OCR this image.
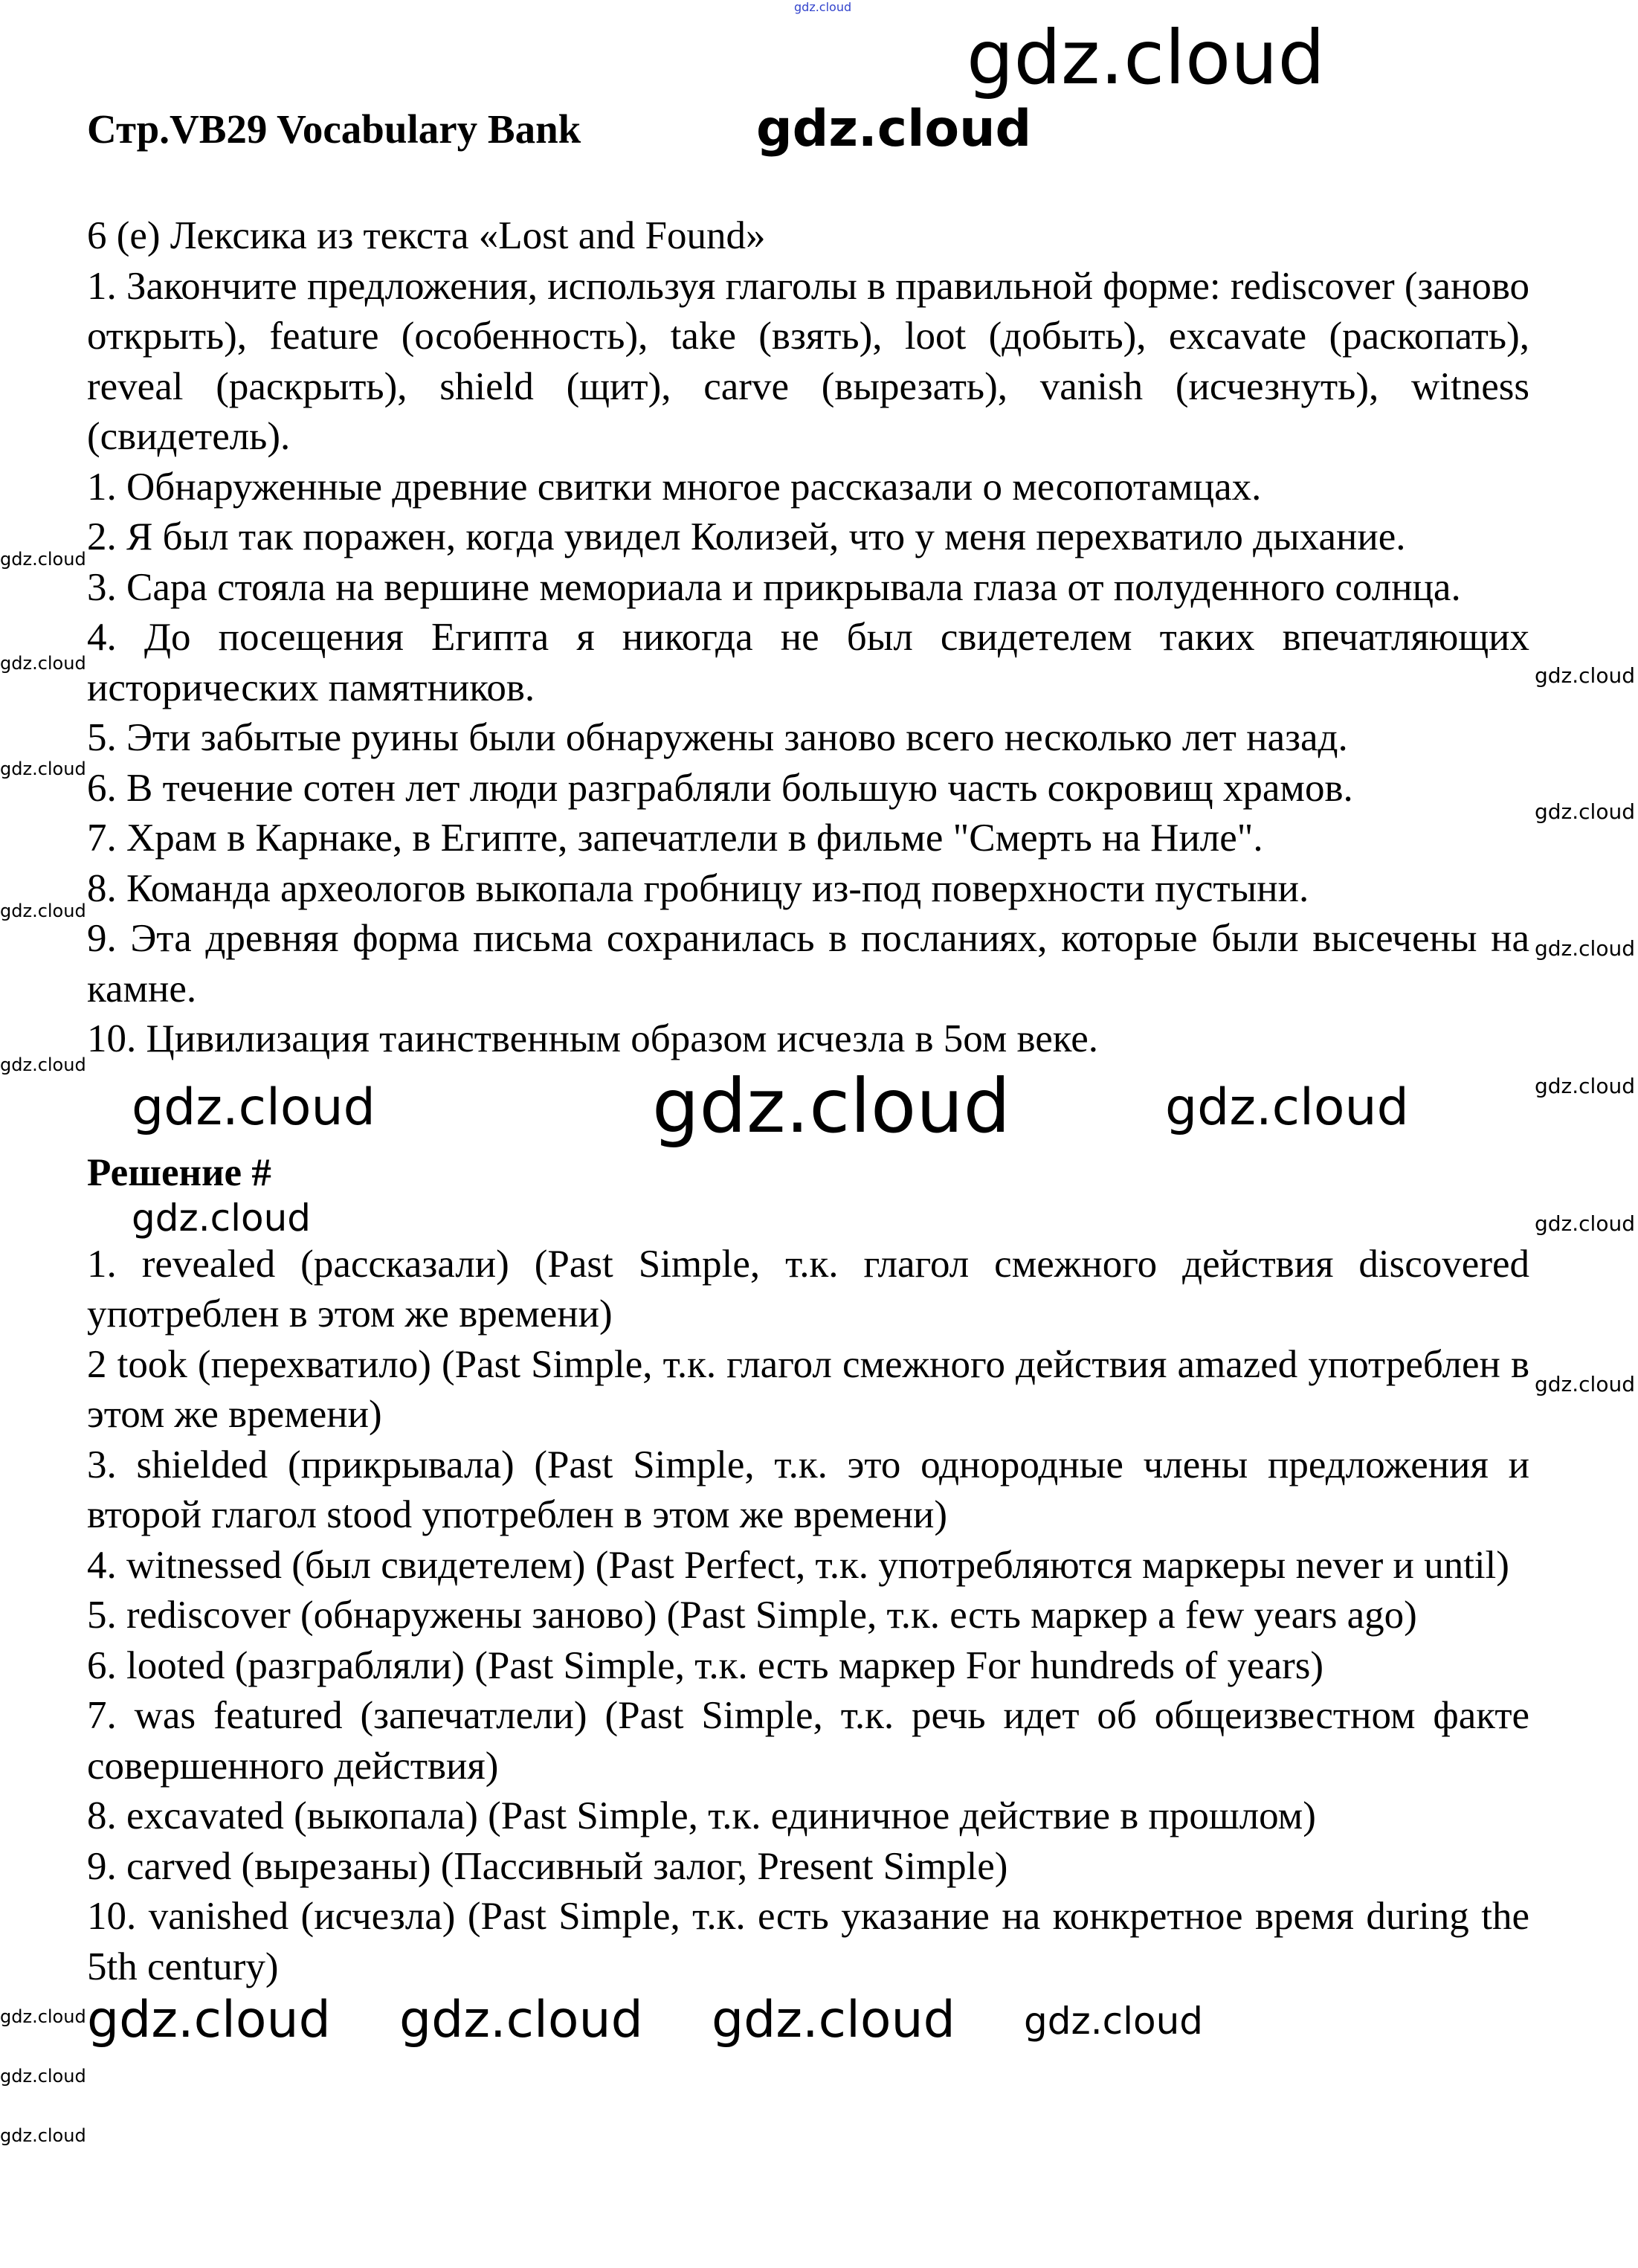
gdz.cloud
gdz.cloud
gdz.cloud
gdz.cloud
gdz.cloud
gdz.cloud
gdz.cloud
gdz.cloud
gdz.cloud
gdz.cloud
gdz.cloud
gdz.cloud
gdz.cloud
gdz.cloud
gdz.cloud
gdz.cloud
Стр.VB29 Vocabulary Bank	gdz.cloud

6 (e) Лексика из текста «Lost and Found»

1. Закончите предложения, используя глаголы в правильной форме: rediscover (заново открыть), feature (особенность), take (взять), loot (добыть), excavate (раскопать), reveal (раскрыть), shield (щит), carve (вырезать), vanish (исчезнуть), witness (свидетель).

1. Обнаруженные древние свитки многое рассказали о месопотамцах.

2. Я был так поражен, когда увидел Колизей, что у меня перехватило дыхание.

3. Сара стояла на вершине мемориала и прикрывала глаза от полуденного солнца.

4. До посещения Египта я никогда не был свидетелем таких впечатляющих исторических памятников.

5. Эти забытые руины были обнаружены заново всего несколько лет назад.

6. В течение сотен лет люди разграбляли большую часть сокровищ храмов.

7. Храм в Карнаке, в Египте, запечатлели в фильме "Смерть на Ниле".

8. Команда археологов выкопала гробницу из-под поверхности пустыни.

9. Эта древняя форма письма сохранилась в посланиях, которые были высечены на камне.

10. Цивилизация таинственным образом исчезла в 5ом веке.

gdz.cloud	gdz.cloud	gdz.cloud
Решение #
gdz.cloud

1. revealed (рассказали) (Past Simple, т.к. глагол смежного действия discovered употреблен в этом же времени)

2 took (перехватило) (Past Simple, т.к. глагол смежного действия amazed употреблен в этом же времени)

3. shielded (прикрывала) (Past Simple, т.к. это однородные члены предложения и второй глагол stood употреблен в этом же времени)

4. witnessed (был свидетелем) (Past Perfect, т.к. употребляются маркеры never и until)

5. rediscover (обнаружены заново) (Past Simple, т.к. есть маркер a few years ago)

6. looted (разграбляли) (Past Simple, т.к. есть маркер For hundreds of years)

7. was featured (запечатлели) (Past Simple, т.к. речь идет об общеизвестном факте совершенного действия)

8. excavated (выкопала) (Past Simple, т.к. единичное действие в прошлом)

9. carved (вырезаны) (Пассивный залог, Present Simple)

10. vanished (исчезла) (Past Simple, т.к. есть указание на конкретное время during the 5th century)

gdz.cloud gdz.cloud gdz.cloud gdz.cloud
